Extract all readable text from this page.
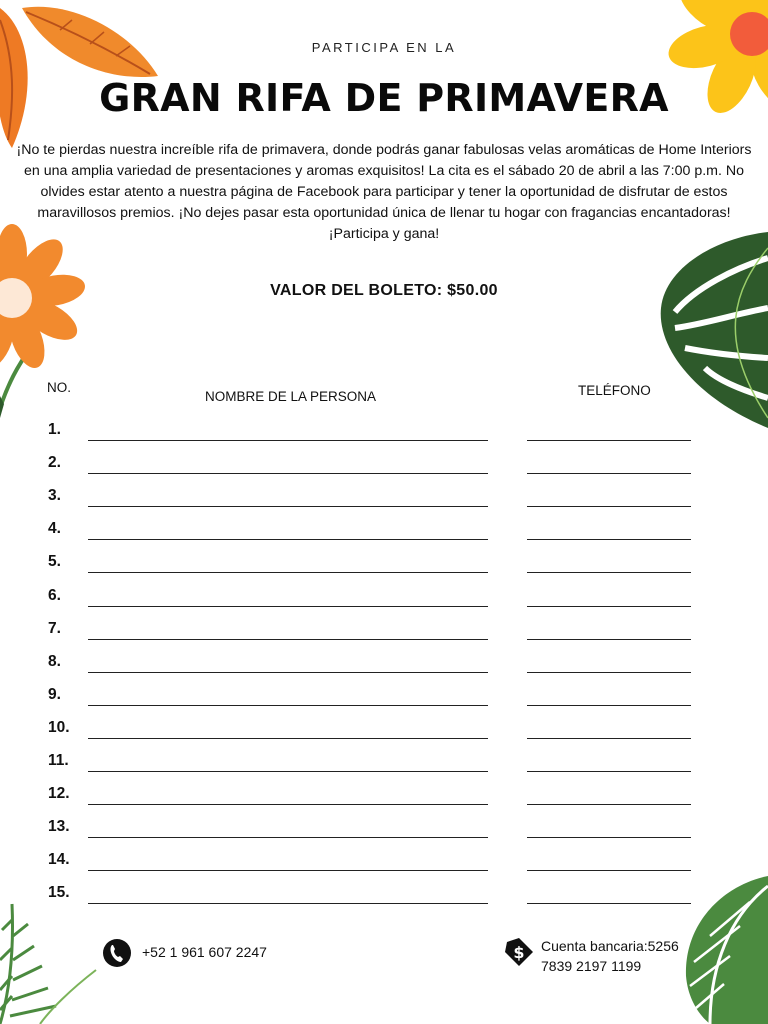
PARTICIPA EN LA
GRAN RIFA DE PRIMAVERA

¡No te pierdas nuestra increíble rifa de primavera, donde podrás ganar fabulosas velas aromáticas de Home Interiors en una amplia variedad de presentaciones y aromas exquisitos! La cita es el sábado 20 de abril a las 7:00 p.m. No olvides estar atento a nuestra página de Facebook para participar y tener la oportunidad de disfrutar de estos maravillosos premios. ¡No dejes pasar esta oportunidad única de llenar tu hogar con fragancias encantadoras!¡Participa y gana!

VALOR DEL BOLETO: $50.00
NO.
NOMBRE DE LA PERSONA	TELÉFONO
1.
2.
3.
4.
5.
6.
7.
8.
9.
10.
11.
12.
13.
14.
15.
+52 1 961 607 2247	$ Cuenta bancaria:5256
7839 2197 1199
